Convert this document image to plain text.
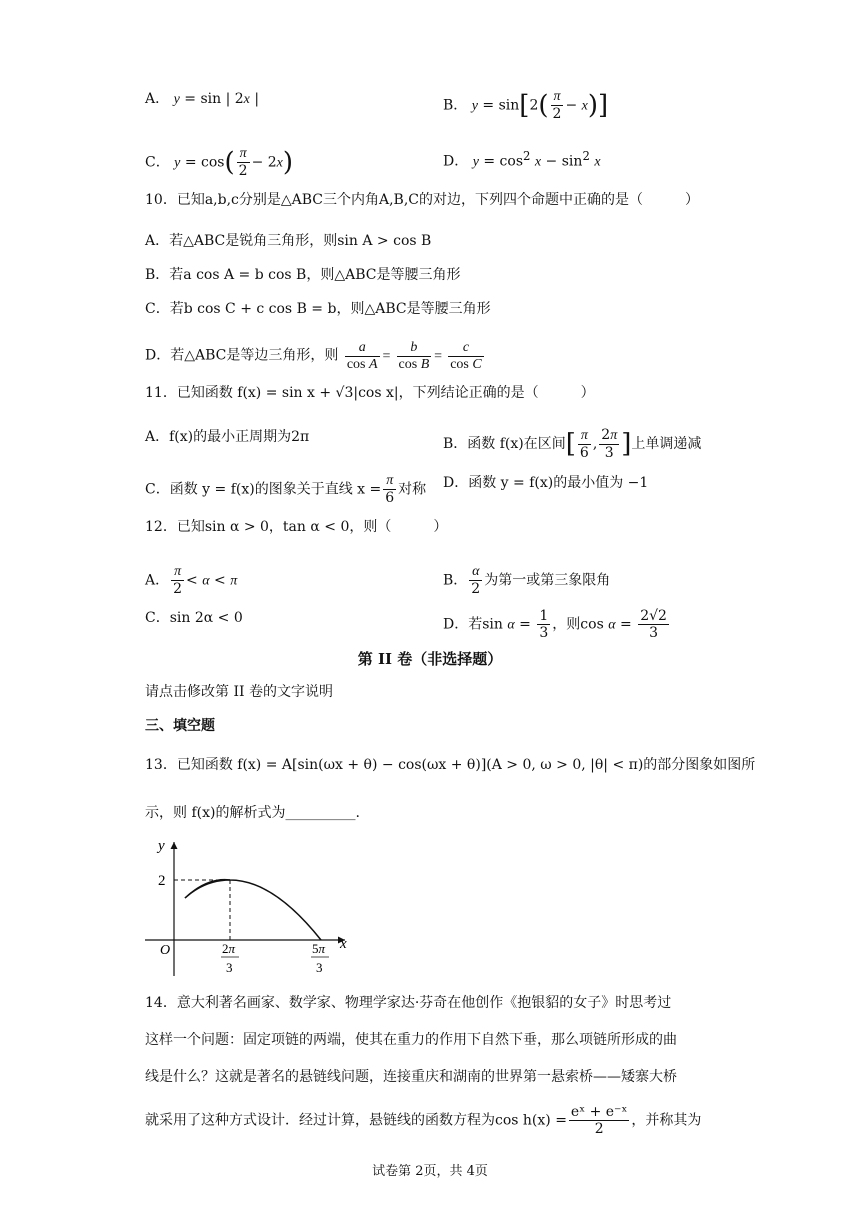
A． y = sin | 2x |	B． $y = \sin[2( \frac{\pi}{2} - x)]$
C． $y = \cos( \frac{\pi}{2} - 2x)$	D． $y = \cos^2 x - \sin^2 x$
10．已知a,b,c分别是△ABC三个内角A,B,C的对边，下列四个命题中正确的是（　　　）
A．若△ABC是锐角三角形，则sin A > cos B
B．若a cos A = b cos B，则△ABC是等腰三角形
C．若b cos C + c cos B = b，则△ABC是等腰三角形
D．若△ABC是等边三角形，则 $\frac{a}{\text{cos A}} = \frac{b}{\text{cos B}} = \frac{c}{\text{cos C}}$
11．已知函数 f(x) = sin x + √3|cos x|，下列结论正确的是（　　　）
A．f(x)的最小正周期为2π	B．函数 f(x)在区间[ $\frac{\pi}{6}$ , $\frac{2\pi}{3}$ ]上单调递减
C．函数 y = f(x)的图象关于直线 $x = \frac{\pi}{6}$ 对称 D．函数 y = f(x)的最小值为 −1
12．已知sin α > 0，tan α < 0，则（　　　）
A． $\frac{\pi}{2} < \alpha < \pi$	B． $\frac{\alpha}{2}$ 为第一或第三象限角
C．sin 2α < 0	D．若$\sin \alpha = \frac{1}{3}$ ，则$\cos \alpha = \frac{2√2}{3}$
第 II 卷（非选择题）
请点击修改第 II 卷的文字说明
三、填空题
13．已知函数 f(x) = A[sin(ωx + θ) − cos(ωx + θ)](A > 0, ω > 0, |θ| < π)的部分图象如图所
示，则 f(x)的解析式为__________.
y
x
O
2
2π
3
5π
3
14．意大利著名画家、数学家、物理学家达·芬奇在他创作《抱银貂的女子》时思考过
这样一个问题：固定项链的两端，使其在重力的作用下自然下垂，那么项链所形成的曲
线是什么？这就是著名的悬链线问题，连接重庆和湖南的世界第一悬索桥——矮寨大桥
就采用了这种方式设计．经过计算，悬链线的函数方程为$\cos h(x) = \frac{\text{eˣ + e⁻ˣ}}{2}$ ，并称其为
试卷第 2页，共 4页
